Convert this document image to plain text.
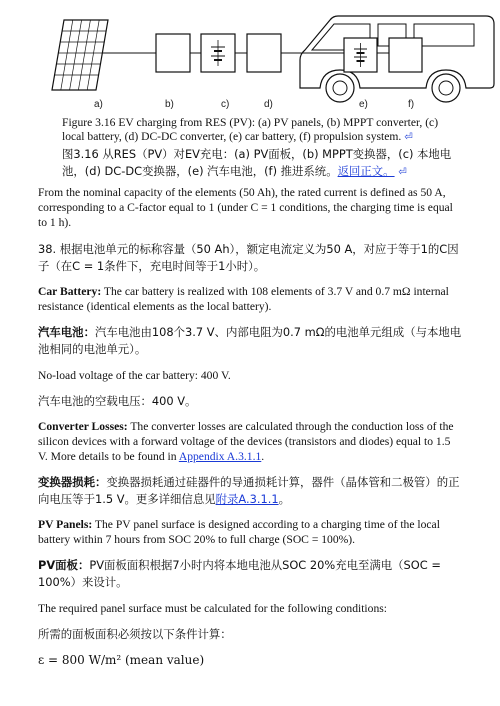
a)	b)	c)	d)	e)	f)
Figure 3.16 EV charging from RES (PV): (a) PV panels, (b) MPPT converter, (c) local battery, (d) DC-DC converter, (e) car battery, (f) propulsion system. ⏎
图3.16 从RES（PV）对EV充电：(a) PV面板，(b) MPPT变换器，(c) 本地电池，(d) DC-DC变换器，(e) 汽车电池，(f) 推进系统。返回正文。 ⏎

From the nominal capacity of the elements (50 Ah), the rated current is defined as 50 A, corresponding to a C-factor equal to 1 (under C = 1 conditions, the charging time is equal to 1 h).

38. 根据电池单元的标称容量（50 Ah），额定电流定义为50 A，对应于等于1的C因子（在C = 1条件下，充电时间等于1小时）。

Car Battery: The car battery is realized with 108 elements of 3.7 V and 0.7 mΩ internal resistance (identical elements as the local battery).

汽车电池：汽车电池由108个3.7 V、内部电阻为0.7 mΩ的电池单元组成（与本地电池相同的电池单元）。

No-load voltage of the car battery: 400 V.

汽车电池的空载电压：400 V。

Converter Losses: The converter losses are calculated through the conduction loss of the silicon devices with a forward voltage of the devices (transistors and diodes) equal to 1.5 V. More details to be found in Appendix A.3.1.1.

变换器损耗：变换器损耗通过硅器件的导通损耗计算，器件（晶体管和二极管）的正向电压等于1.5 V。更多详细信息见附录A.3.1.1。

PV Panels: The PV panel surface is designed according to a charging time of the local battery within 7 hours from SOC 20% to full charge (SOC = 100%).

PV面板：PV面板面积根据7小时内将本地电池从SOC 20%充电至满电（SOC = 100%）来设计。

The required panel surface must be calculated for the following conditions:

所需的面板面积必须按以下条件计算：

ε = 800 W/m² (mean value)
